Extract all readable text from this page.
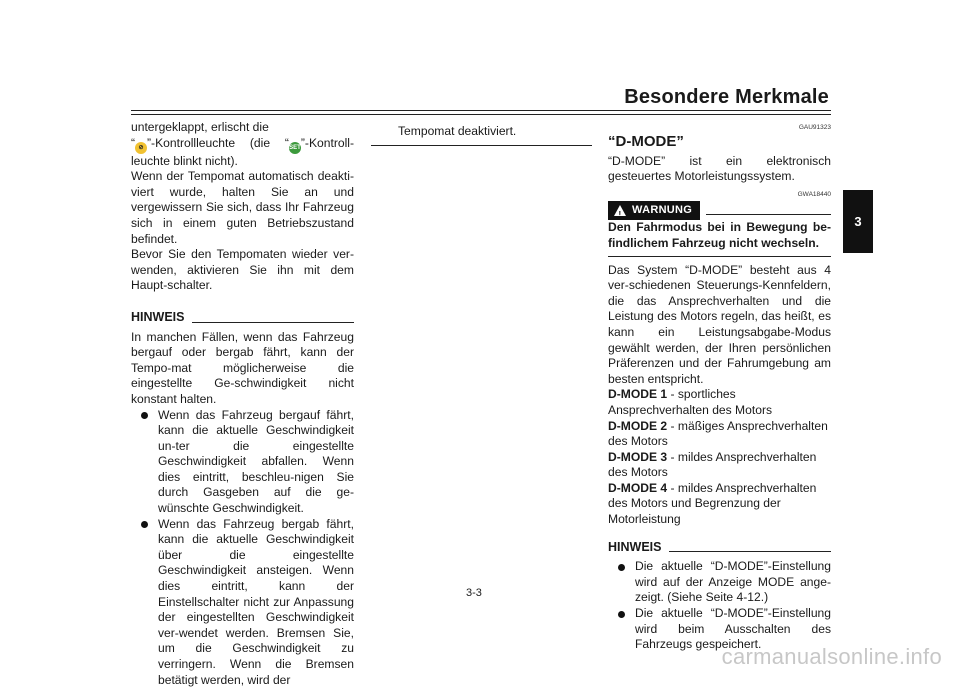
Besondere Merkmale
3

untergeklappt, erlischt die
“ ⊘ ”-Kontrollleuchte (die “SET”-Kontroll-leuchte blinkt nicht).

Wenn der Tempomat automatisch deakti-viert wurde, halten Sie an und vergewissern Sie sich, dass Ihr Fahrzeug sich in einem guten Betriebszustand befindet.

Bevor Sie den Tempomaten wieder ver-wenden, aktivieren Sie ihn mit dem Haupt-schalter.

HINWEIS

In manchen Fällen, wenn das Fahrzeug bergauf oder bergab fährt, kann der Tempo-mat möglicherweise die eingestellte Ge-schwindigkeit nicht konstant halten.

Wenn das Fahrzeug bergauf fährt, kann die aktuelle Geschwindigkeit un-ter die eingestellte Geschwindigkeit abfallen. Wenn dies eintritt, beschleu-nigen Sie durch Gasgeben auf die ge-wünschte Geschwindigkeit.
Wenn das Fahrzeug bergab fährt, kann die aktuelle Geschwindigkeit über die eingestellte Geschwindigkeit ansteigen. Wenn dies eintritt, kann der Einstellschalter nicht zur Anpassung der eingestellten Geschwindigkeit ver-wendet werden. Bremsen Sie, um die Geschwindigkeit zu verringern. Wenn die Bremsen betätigt werden, wird der

Tempomat deaktiviert.	GAU91323
“D-MODE”

“D-MODE” ist ein elektronisch gesteuertes Motorleistungssystem.

GWA18440
! WARNUNG

Den Fahrmodus bei in Bewegung be-findlichem Fahrzeug nicht wechseln.

Das System “D-MODE” besteht aus 4 ver-schiedenen Steuerungs-Kennfeldern, die das Ansprechverhalten und die Leistung des Motors regeln, das heißt, es kann ein Leistungsabgabe-Modus gewählt werden, der Ihren persönlichen Präferenzen und der Fahrumgebung am besten entspricht.

D-MODE 1 - sportliches Ansprechverhalten des Motors

D-MODE 2 - mäßiges Ansprechverhalten des Motors

D-MODE 3 - mildes Ansprechverhalten des Motors

D-MODE 4 - mildes Ansprechverhalten des Motors und Begrenzung der Motorleistung

HINWEIS
Die aktuelle “D-MODE”-Einstellung wird auf der Anzeige MODE ange-zeigt. (Siehe Seite 4-12.)
Die aktuelle “D-MODE”-Einstellung wird beim Ausschalten des Fahrzeugs gespeichert.
3-3
carmanualsonline.info
